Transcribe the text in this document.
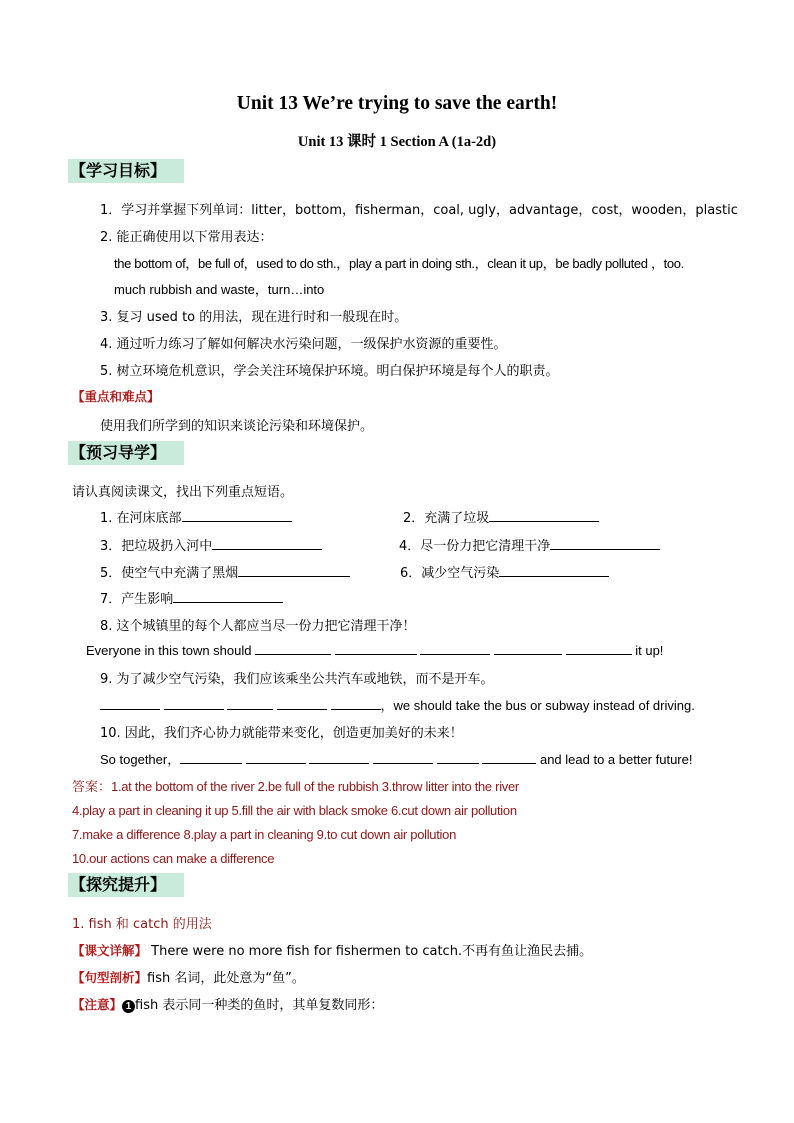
Unit 13 We’re trying to save the earth!
Unit 13 课时 1 Section A (1a-2d)
【学习目标】
1．学习并掌握下列单词：litter，bottom，fisherman，coal, ugly，advantage，cost，wooden，plastic
2. 能正确使用以下常用表达：
the bottom of，be full of，used to do sth.，play a part in doing sth.，clean it up，be badly polluted ，too.
much rubbish and waste，turn…into
3. 复习 used to 的用法，现在进行时和一般现在时。
4. 通过听力练习了解如何解决水污染问题，一级保护水资源的重要性。
5. 树立环境危机意识，学会关注环境保护环境。明白保护环境是每个人的职责。
【重点和难点】
使用我们所学到的知识来谈论污染和环境保护。
【预习导学】
请认真阅读课文，找出下列重点短语。
1. 在河床底部	2．充满了垃圾
3．把垃圾扔入河中	4．尽一份力把它清理干净
5．使空气中充满了黑烟	6．减少空气污染
7．产生影响
8. 这个城镇里的每个人都应当尽一份力把它清理干净！
Everyone in this town should	it up!
9. 为了减少空气污染，我们应该乘坐公共汽车或地铁，而不是开车。
，we should take the bus or subway instead of driving.
10. 因此，我们齐心协力就能带来变化，创造更加美好的未来！
So together，	and lead to a better future!
答案：1.at the bottom of the river 2.be full of the rubbish 3.throw litter into the river
4.play a part in cleaning it up 5.fill the air with black smoke 6.cut down air pollution
7.make a difference 8.play a part in cleaning 9.to cut down air pollution
10.our actions can make a difference
【探究提升】
1. fish 和 catch 的用法
【课文详解】 There were no more fish for fishermen to catch.不再有鱼让渔民去捕。
【句型剖析】fish 名词，此处意为“鱼”。
【注意】 1 fish 表示同一种类的鱼时，其单复数同形：
